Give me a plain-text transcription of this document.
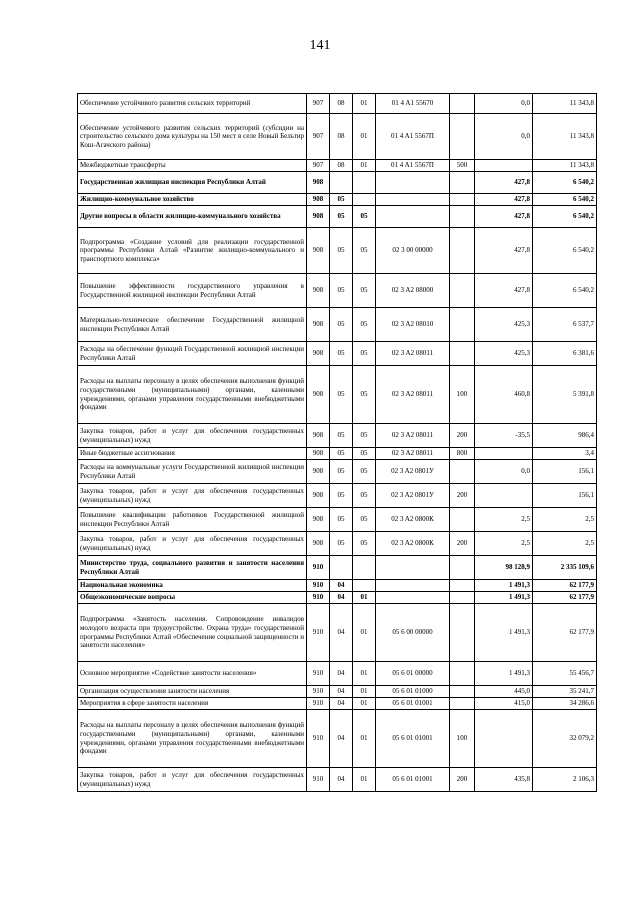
141
Обеспечение устойчивого развития сельских территорий	907	08	01	01 4 A1 55670		0,0	11 343,8
Обеспечение устойчивого развития сельских территорий (субсидии на строительство сельского дома культуры на 150 мест в селе Новый Бельтир Кош-Агачского района)	907	08	01	01 4 A1 5567П		0,0	11 343,8
Межбюджетные трансферты	907	08	01	01 4 A1 5567П	500		11 343,8
Государственная жилищная инспекция Республики Алтай	908					427,8	6 540,2
Жилищно-коммунальное хозяйство	908	05				427,8	6 540,2
Другие вопросы в области жилищно-коммунального хозяйства	908	05	05			427,8	6 540,2
Подпрограмма «Создание условий для реализации государственной программы Республики Алтай «Развитие жилищно-коммунального и транспортного комплекса»	908	05	05	02 3 00 00000		427,8	6 540,2
Повышение эффективности государственного управления в Государственной жилищной инспекции Республики Алтай	908	05	05	02 3 A2 08000		427,8	6 540,2
Материально-техническое обеспечение Государственной жилищной инспекции Республики Алтай	908	05	05	02 3 A2 08010		425,3	6 537,7
Расходы на обеспечение функций Государственной жилищной инспекции Республики Алтай	908	05	05	02 3 A2 08011		425,3	6 381,6
Расходы на выплаты персоналу в целях обеспечения выполнения функций государственными (муниципальными) органами, казенными учреждениями, органами управления государственными внебюджетными фондами	908	05	05	02 3 A2 08011	100	460,8	5 391,8
Закупка товаров, работ и услуг для обеспечения государственных (муниципальных) нужд	908	05	05	02 3 A2 08011	200	-35,5	986,4
Иные бюджетные ассигнования	908	05	05	02 3 A2 08011	800		3,4
Расходы на коммунальные услуги Государственной жилищной инспекции Республики Алтай	908	05	05	02 3 A2 0801У		0,0	156,1
Закупка товаров, работ и услуг для обеспечения государственных (муниципальных) нужд	908	05	05	02 3 A2 0801У	200		156,1
Повышение квалификации работников Государственной жилищной инспекции Республики Алтай	908	05	05	02 3 A2 0800К		2,5	2,5
Закупка товаров, работ и услуг для обеспечения государственных (муниципальных) нужд	908	05	05	02 3 A2 0800К	200	2,5	2,5
Министерство труда, социального развития и занятости населения Республики Алтай	910					98 128,9	2 335 109,6
Национальная экономика	910	04				1 491,3	62 177,9
Общеэкономические вопросы	910	04	01			1 491,3	62 177,9
Подпрограмма «Занятость населения. Сопровождение инвалидов молодого возраста при трудоустройстве. Охрана труда» государственной программы Республики Алтай «Обеспечение социальной защищенности и занятости населения»	910	04	01	05 6 00 00000		1 491,3	62 177,9
Основное мероприятие «Содействие занятости населения»	910	04	01	05 6 01 00000		1 491,3	55 456,7
Организация осуществления занятости населения	910	04	01	05 6 01 01000		445,0	35 241,7
Мероприятия в сфере занятости населения	910	04	01	05 6 01 01001		415,0	34 286,6
Расходы на выплаты персоналу в целях обеспечения выполнения функций государственными (муниципальными) органами, казенными учреждениями, органами управления государственными внебюджетными фондами	910	04	01	05 6 01 01001	100		32 079,2
Закупка товаров, работ и услуг для обеспечения государственных (муниципальных) нужд	910	04	01	05 6 01 01001	200	435,8	2 106,3
